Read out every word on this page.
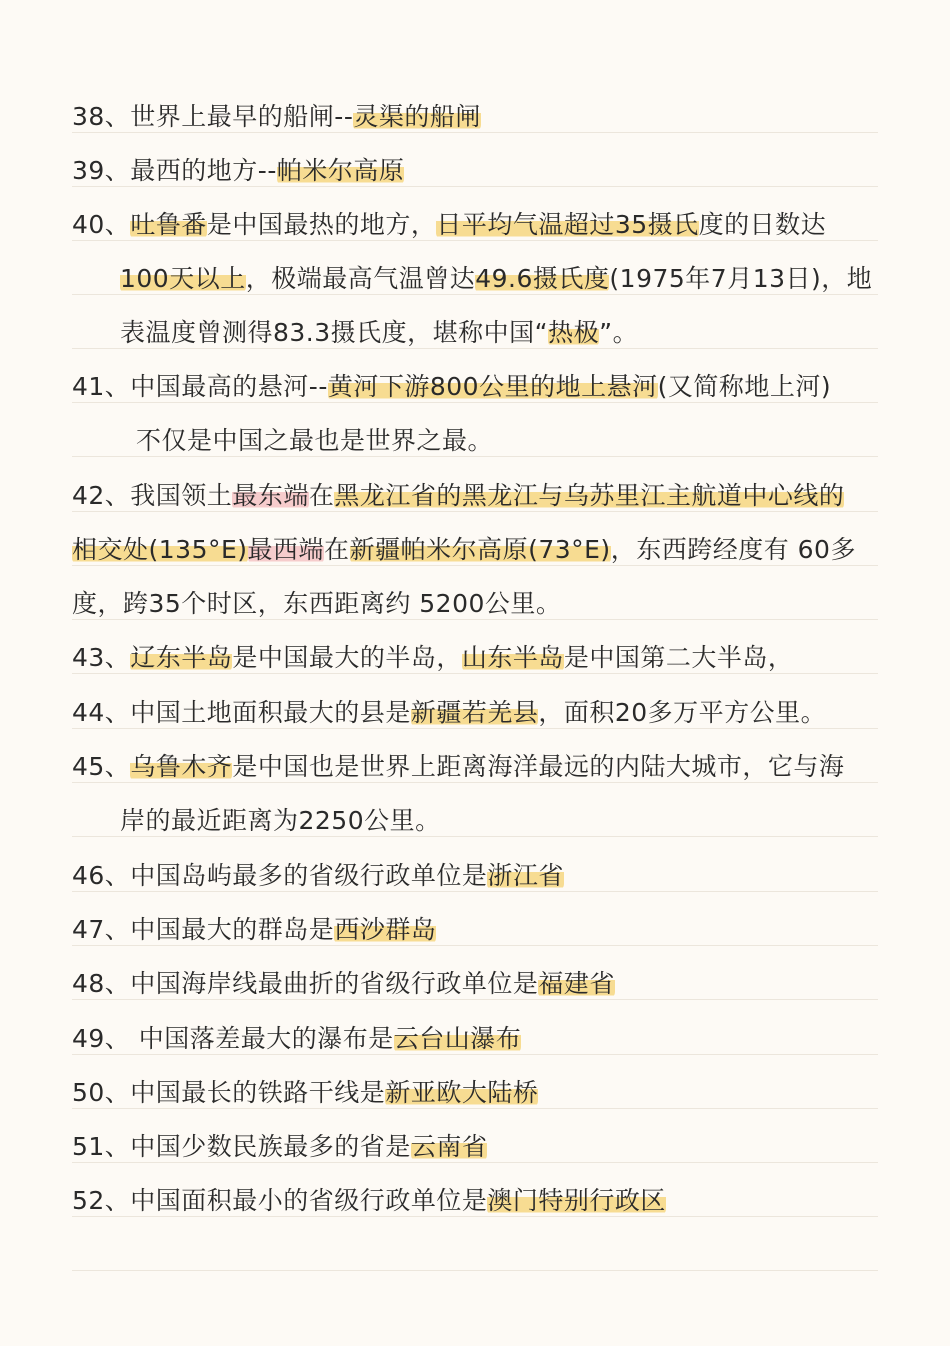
38、世界上最早的船闸--灵渠的船闸
39、最西的地方--帕米尔高原
40、吐鲁番是中国最热的地方，日平均气温超过35摄氏度的日数达
100天以上，极端最高气温曾达49.6摄氏度(1975年7月13日)，地
表温度曾测得83.3摄氏度，堪称中国“热极”。
41、中国最高的悬河--黄河下游800公里的地上悬河(又简称地上河)
不仅是中国之最也是世界之最。
42、我国领土最东端在黑龙江省的黑龙江与乌苏里江主航道中心线的
相交处(135°E)最西端在新疆帕米尔高原(73°E)，东西跨经度有 60多
度，跨35个时区，东西距离约 5200公里。
43、辽东半岛是中国最大的半岛，山东半岛是中国第二大半岛，
44、中国土地面积最大的县是新疆若羌县，面积20多万平方公里。
45、乌鲁木齐是中国也是世界上距离海洋最远的内陆大城市，它与海
岸的最近距离为2250公里。
46、中国岛屿最多的省级行政单位是浙江省
47、中国最大的群岛是西沙群岛
48、中国海岸线最曲折的省级行政单位是福建省
49、 中国落差最大的瀑布是云台山瀑布
50、中国最长的铁路干线是新亚欧大陆桥
51、中国少数民族最多的省是云南省
52、中国面积最小的省级行政单位是澳门特别行政区
